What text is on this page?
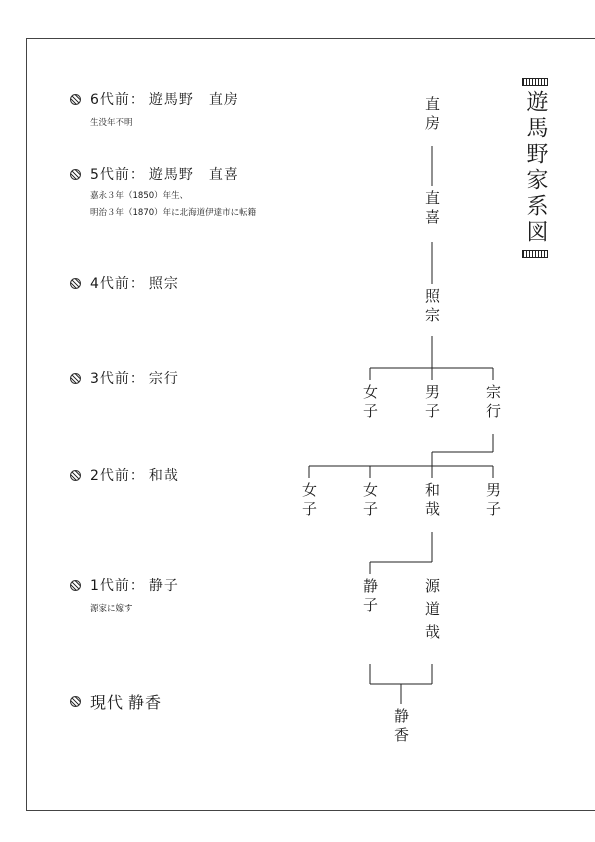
6代前 ： 遊馬野　直房
生没年不明
5代前 ： 遊馬野　直喜
嘉永３年（1850）年生、
明治３年（1870）年に北海道伊達市に転籍
4代前 ： 照宗
3代前 ： 宗行
2代前 ： 和哉
1代前 ： 静子
源家に嫁す
現代 静香
遊馬野家系図
直房
直喜
照宗
女子	男子	宗行
女子	女子	和哉	男子
静子	源道哉
静香
